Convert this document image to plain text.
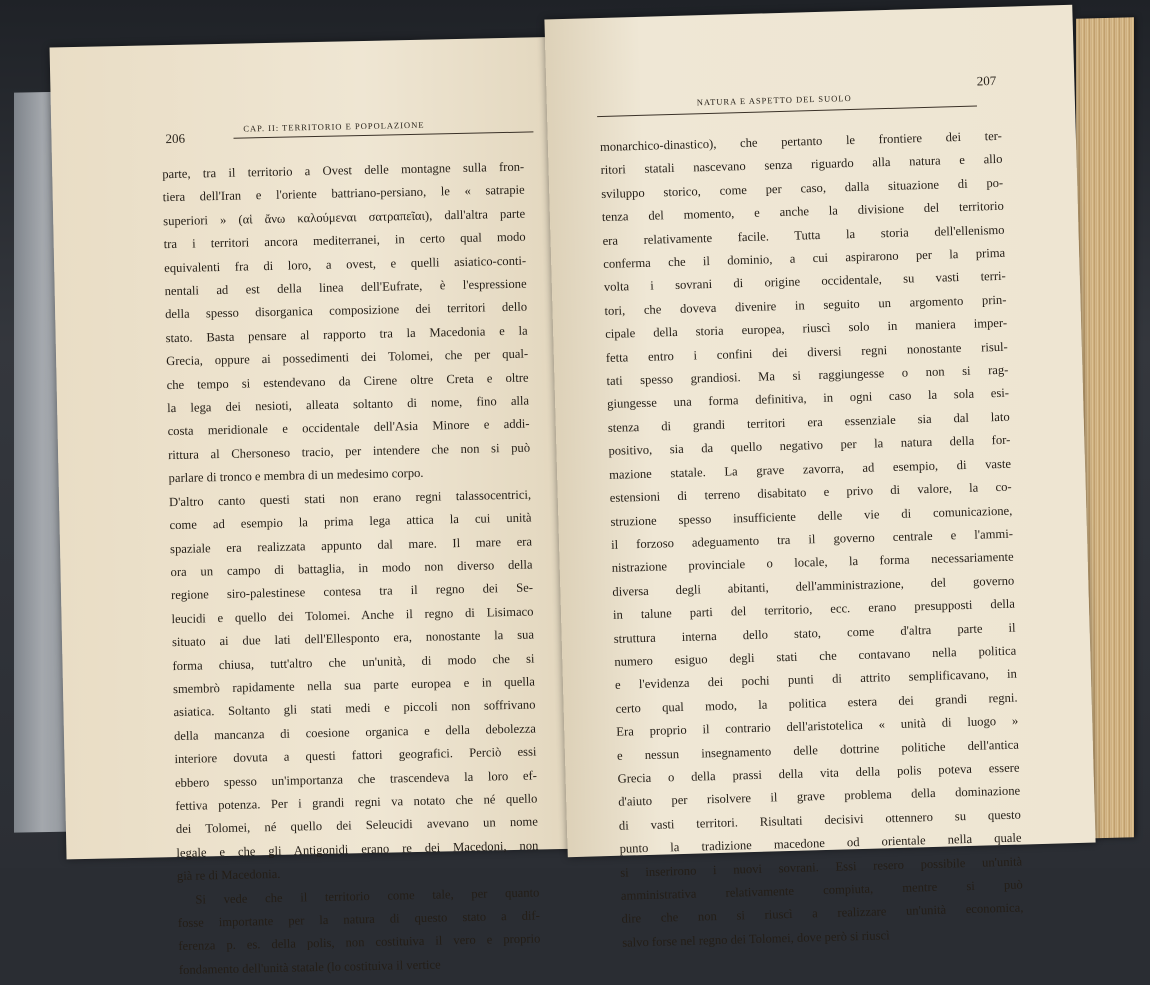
206
CAP. II: TERRITORIO E POPOLAZIONE
parte, tra il territorio a Ovest delle montagne sulla fron-
tiera dell'Iran e l'oriente battriano-persiano, le « satrapie
superiori » (αἱ ἄνω καλούμεναι σατραπεῖαι), dall'altra parte
tra i territori ancora mediterranei, in certo qual modo
equivalenti fra di loro, a ovest, e quelli asiatico-conti-
nentali ad est della linea dell'Eufrate, è l'espressione
della spesso disorganica composizione dei territori dello
stato. Basta pensare al rapporto tra la Macedonia e la
Grecia, oppure ai possedimenti dei Tolomei, che per qual-
che tempo si estendevano da Cirene oltre Creta e oltre
la lega dei nesioti, alleata soltanto di nome, fino alla
costa meridionale e occidentale dell'Asia Minore e addi-
rittura al Chersoneso tracio, per intendere che non si può
parlare di tronco e membra di un medesimo corpo.
D'altro canto questi stati non erano regni talassocentrici,
come ad esempio la prima lega attica la cui unità
spaziale era realizzata appunto dal mare. Il mare era
ora un campo di battaglia, in modo non diverso della
regione siro-palestinese contesa tra il regno dei Se-
leucidi e quello dei Tolomei. Anche il regno di Lisimaco
situato ai due lati dell'Ellesponto era, nonostante la sua
forma chiusa, tutt'altro che un'unità, di modo che si
smembrò rapidamente nella sua parte europea e in quella
asiatica. Soltanto gli stati medi e piccoli non soffrivano
della mancanza di coesione organica e della debolezza
interiore dovuta a questi fattori geografici. Perciò essi
ebbero spesso un'importanza che trascendeva la loro ef-
fettiva potenza. Per i grandi regni va notato che né quello
dei Tolomei, né quello dei Seleucidi avevano un nome
legale e che gli Antigonidi erano re dei Macedoni, non
già re di Macedonia.
Si vede che il territorio come tale, per quanto
fosse importante per la natura di questo stato a dif-
ferenza p. es. della polis, non costituiva il vero e proprio
fondamento dell'unità statale (lo costituiva il vertice
NATURA E ASPETTO DEL SUOLO
207
monarchico-dinastico), che pertanto le frontiere dei ter-
ritori statali nascevano senza riguardo alla natura e allo
sviluppo storico, come per caso, dalla situazione di po-
tenza del momento, e anche la divisione del territorio
era relativamente facile. Tutta la storia dell'ellenismo
conferma che il dominio, a cui aspirarono per la prima
volta i sovrani di origine occidentale, su vasti terri-
tori, che doveva divenire in seguito un argomento prin-
cipale della storia europea, riuscì solo in maniera imper-
fetta entro i confini dei diversi regni nonostante risul-
tati spesso grandiosi. Ma si raggiungesse o non si rag-
giungesse una forma definitiva, in ogni caso la sola esi-
stenza di grandi territori era essenziale sia dal lato
positivo, sia da quello negativo per la natura della for-
mazione statale. La grave zavorra, ad esempio, di vaste
estensioni di terreno disabitato e privo di valore, la co-
struzione spesso insufficiente delle vie di comunicazione,
il forzoso adeguamento tra il governo centrale e l'ammi-
nistrazione provinciale o locale, la forma necessariamente
diversa degli abitanti, dell'amministrazione, del governo
in talune parti del territorio, ecc. erano presupposti della
struttura interna dello stato, come d'altra parte il
numero esiguo degli stati che contavano nella politica
e l'evidenza dei pochi punti di attrito semplificavano, in
certo qual modo, la politica estera dei grandi regni.
Era proprio il contrario dell'aristotelica « unità di luogo »
e nessun insegnamento delle dottrine politiche dell'antica
Grecia o della prassi della vita della polis poteva essere
d'aiuto per risolvere il grave problema della dominazione
di vasti territori. Risultati decisivi ottennero su questo
punto la tradizione macedone od orientale nella quale
si inserirono i nuovi sovrani. Essi resero possibile un'unità
amministrativa relativamente compiuta, mentre si può
dire che non si riuscì a realizzare un'unità economica,
salvo forse nel regno dei Tolomei, dove però si riuscì
